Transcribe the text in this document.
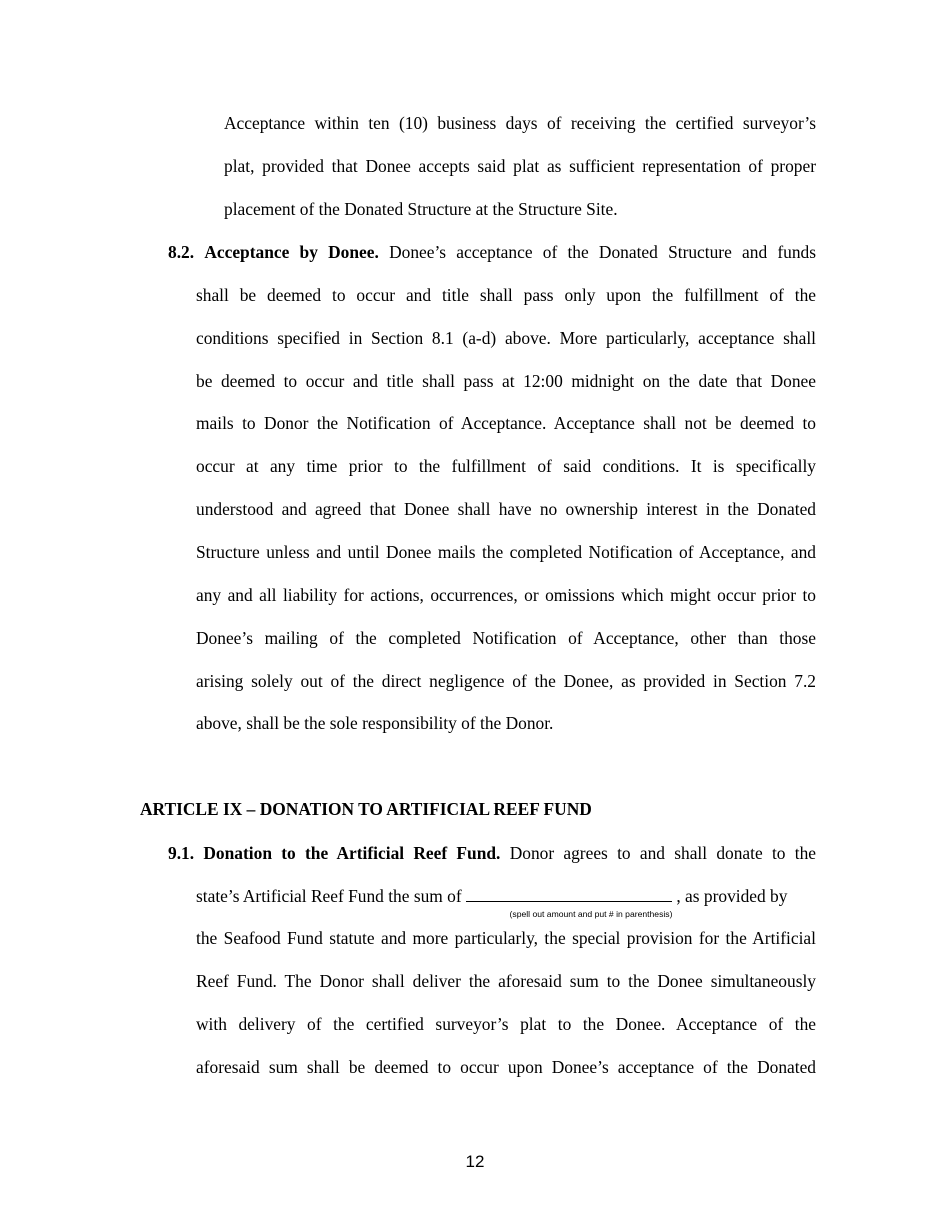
Acceptance within ten (10) business days of receiving the certified surveyor’s
plat, provided that Donee accepts said plat as sufficient representation of proper
placement of the Donated Structure at the Structure Site.
8.2. Acceptance by Donee. Donee’s acceptance of the Donated Structure and funds
shall be deemed to occur and title shall pass only upon the fulfillment of the
conditions specified in Section 8.1 (a-d) above. More particularly, acceptance shall
be deemed to occur and title shall pass at 12:00 midnight on the date that Donee
mails to Donor the Notification of Acceptance. Acceptance shall not be deemed to
occur at any time prior to the fulfillment of said conditions. It is specifically
understood and agreed that Donee shall have no ownership interest in the Donated
Structure unless and until Donee mails the completed Notification of Acceptance, and
any and all liability for actions, occurrences, or omissions which might occur prior to
Donee’s mailing of the completed Notification of Acceptance, other than those
arising solely out of the direct negligence of the Donee, as provided in Section 7.2
above, shall be the sole responsibility of the Donor.
ARTICLE IX – DONATION TO ARTIFICIAL REEF FUND
9.1. Donation to the Artificial Reef Fund. Donor agrees to and shall donate to the
state’s Artificial Reef Fund the sum of	, as provided by
(spell out amount and put # in parenthesis)
the Seafood Fund statute and more particularly, the special provision for the Artificial
Reef Fund. The Donor shall deliver the aforesaid sum to the Donee simultaneously
with delivery of the certified surveyor’s plat to the Donee. Acceptance of the
aforesaid sum shall be deemed to occur upon Donee’s acceptance of the Donated
12
